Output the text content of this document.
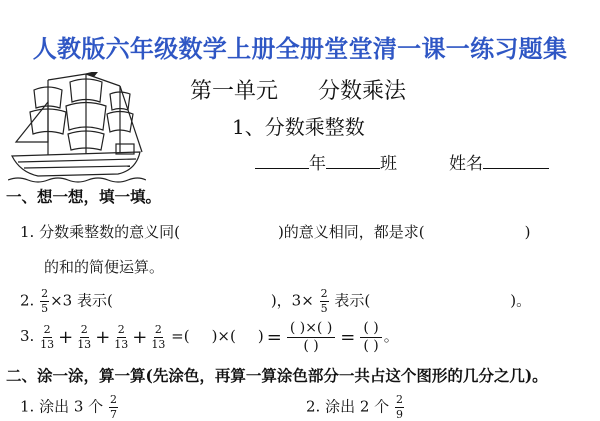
人教版六年级数学上册全册堂堂清一课一练习题集
第一单元 分数乘法
1、分数乘整数
年	班	姓名
一、想一想，填一填。
1. 分数乘整数的意义同(	)的意义相同，都是求(	)
的和的简便运算。
2. $\frac{2}{5} \times 3$ 表示(	)，$3\times \frac{2}{5}$ 表示(	)。
3. $\frac{2}{13} + \frac{2}{13} + \frac{2}{13} + \frac{2}{13}$ =( )×( ) = $\frac{( )\times( )}{( )} = \frac{( )}{( )}$ 。
二、涂一涂，算一算(先涂色，再算一算涂色部分一共占这个图形的几分之几)。
1. 涂出 3 个 $\frac{2}{7}$	2. 涂出 2 个 $\frac{2}{9}$
